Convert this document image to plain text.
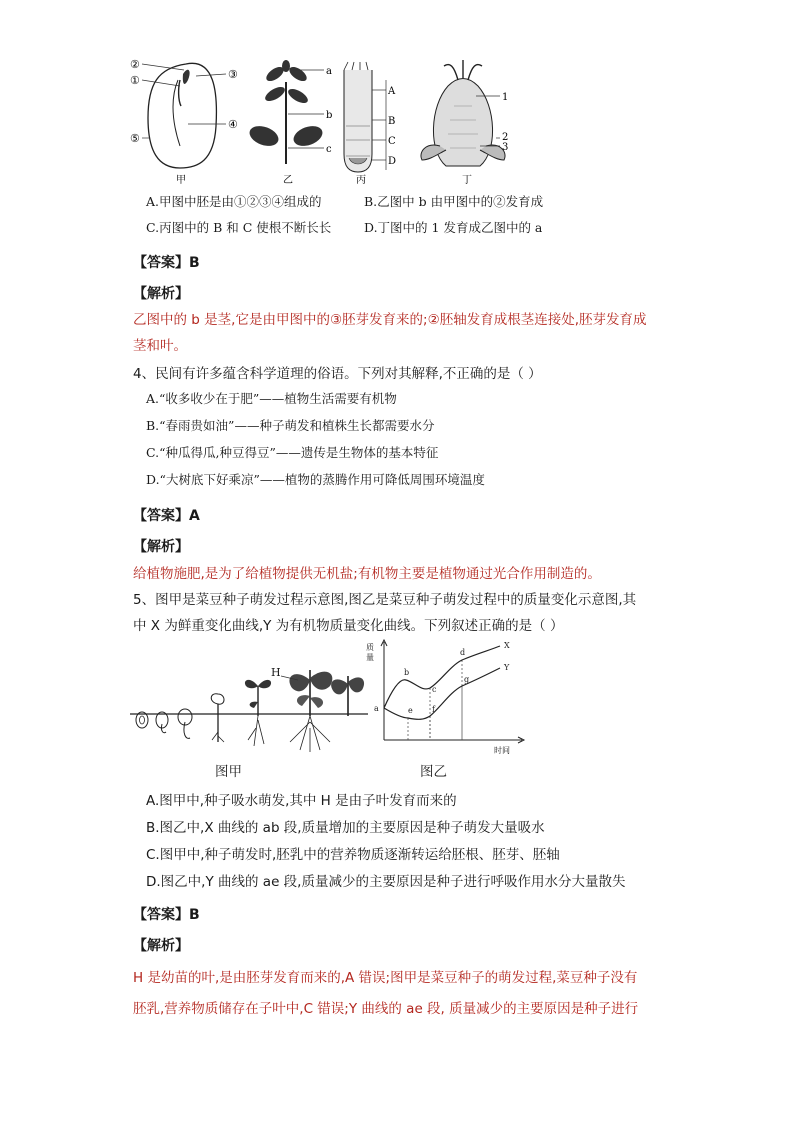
②
①	③
④
⑤
甲
a
b
c
乙
A
B
C
D
丙
1
2
3
丁
A.甲图中胚是由①②③④组成的	B.乙图中 b 由甲图中的②发育成
C.丙图中的 B 和 C 使根不断长长	D.丁图中的 1 发育成乙图中的 a
【答案】B
【解析】
乙图中的 b 是茎,它是由甲图中的③胚芽发育来的;②胚轴发育成根茎连接处,胚芽发育成
茎和叶。
4、民间有许多蕴含科学道理的俗语。下列对其解释,不正确的是（ ）
A.“收多收少在于肥”——植物生活需要有机物
B.“春雨贵如油”——种子萌发和植株生长都需要水分
C.“种瓜得瓜,种豆得豆”——遗传是生物体的基本特征
D.“大树底下好乘凉”——植物的蒸腾作用可降低周围环境温度
【答案】A
【解析】
给植物施肥,是为了给植物提供无机盐;有机物主要是植物通过光合作用制造的。
5、图甲是菜豆种子萌发过程示意图,图乙是菜豆种子萌发过程中的质量变化示意图,其
中 X 为鲜重变化曲线,Y 为有机物质量变化曲线。下列叙述正确的是（ ）
H
a
b
c
d
e f
g
X
Y
质
量
时间
图甲	图乙
A.图甲中,种子吸水萌发,其中 H 是由子叶发育而来的
B.图乙中,X 曲线的 ab 段,质量增加的主要原因是种子萌发大量吸水
C.图甲中,种子萌发时,胚乳中的营养物质逐渐转运给胚根、胚芽、胚轴
D.图乙中,Y 曲线的 ae 段,质量减少的主要原因是种子进行呼吸作用水分大量散失
【答案】B
【解析】
H 是幼苗的叶,是由胚芽发育而来的,A 错误;图甲是菜豆种子的萌发过程,菜豆种子没有
胚乳,营养物质储存在子叶中,C 错误;Y 曲线的 ae 段, 质量减少的主要原因是种子进行
